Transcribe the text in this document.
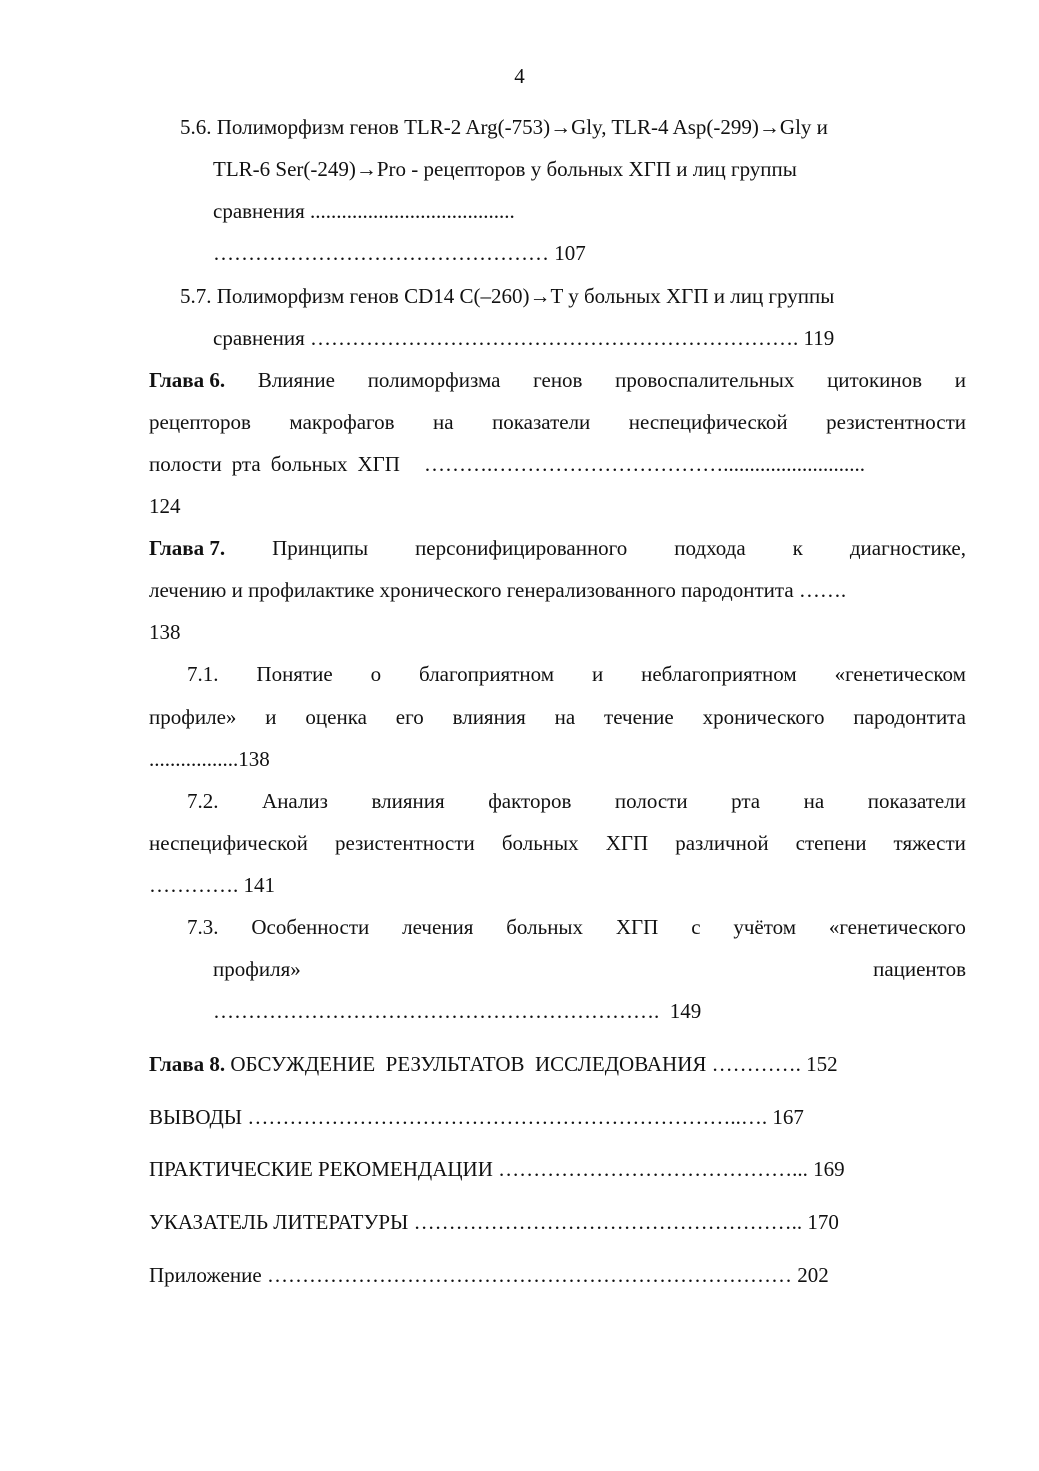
4
5.6. Полиморфизм генов TLR-2 Arg(-753)→Gly, TLR-4 Asp(-299)→Gly и
TLR-6 Ser(-249)→Pro - рецепторов у больных ХГП и лиц группы
сравнения .......................................
………………………………………… 107
5.7. Полиморфизм генов CD14 C(–260)→T у больных ХГП и лиц группы
сравнения ……………………………………………………………. 119
Глава 6. Влияние полиморфизма генов провоспалительных цитокинов и
рецепторов макрофагов на показатели неспецифической резистентности
полости рта больных ХГП ……….……………………………...........................
124
Глава 7. Принципы персонифицированного подхода к диагностике,
лечению и профилактике хронического генерализованного пародонтита …….
138
7.1. Понятие о благоприятном и неблагоприятном «генетическом
профиле» и оценка его влияния на течение хронического пародонтита
.................138
7.2. Анализ влияния факторов полости рта на показатели
неспецифической резистентности больных ХГП различной степени тяжести
…………. 141
7.3. Особенности лечения больных ХГП с учётом «генетического
профиля»	пациентов
……………………………………………………….  149
Глава 8. ОБСУЖДЕНИЕ  РЕЗУЛЬТАТОВ  ИССЛЕДОВАНИЯ …………. 152
ВЫВОДЫ ……………………………………………………………..…. 167
ПРАКТИЧЕСКИЕ РЕКОМЕНДАЦИИ ……………………………………... 169
УКАЗАТЕЛЬ ЛИТЕРАТУРЫ ……………………………………………….. 170
Приложение ………………………………………………………………… 202
